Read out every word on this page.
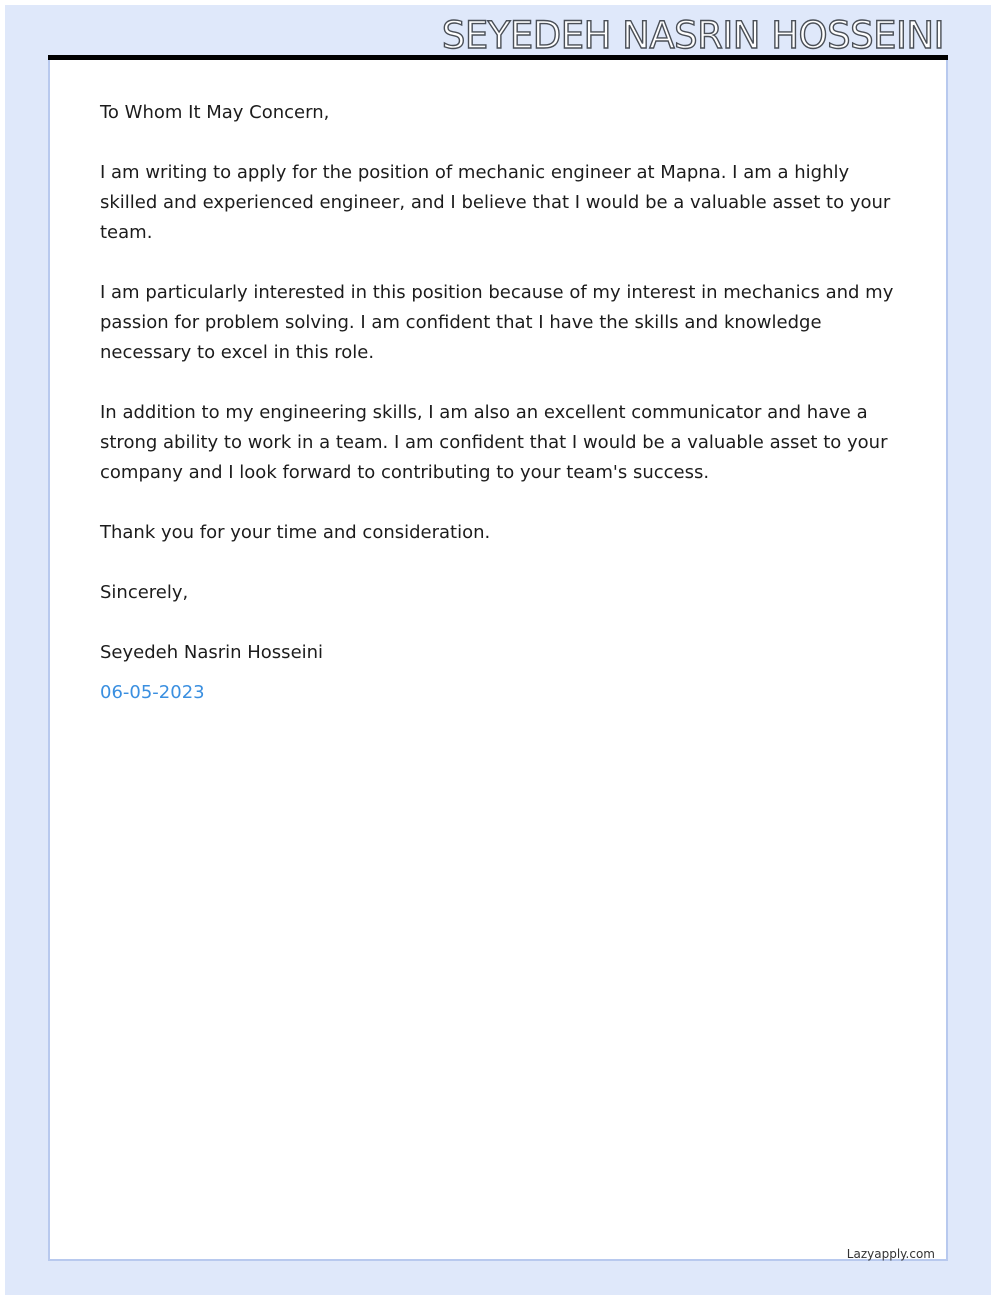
SEYEDEH NASRIN HOSSEINI

To Whom It May Concern,

I am writing to apply for the position of mechanic engineer at Mapna. I am a highly skilled and experienced engineer, and I believe that I would be a valuable asset to your team.

I am particularly interested in this position because of my interest in mechanics and my passion for problem solving. I am confident that I have the skills and knowledge necessary to excel in this role.

In addition to my engineering skills, I am also an excellent communicator and have a strong ability to work in a team. I am confident that I would be a valuable asset to your company and I look forward to contributing to your team's success.

Thank you for your time and consideration.

Sincerely,

Seyedeh Nasrin Hosseini

06-05-2023

Lazyapply.com
